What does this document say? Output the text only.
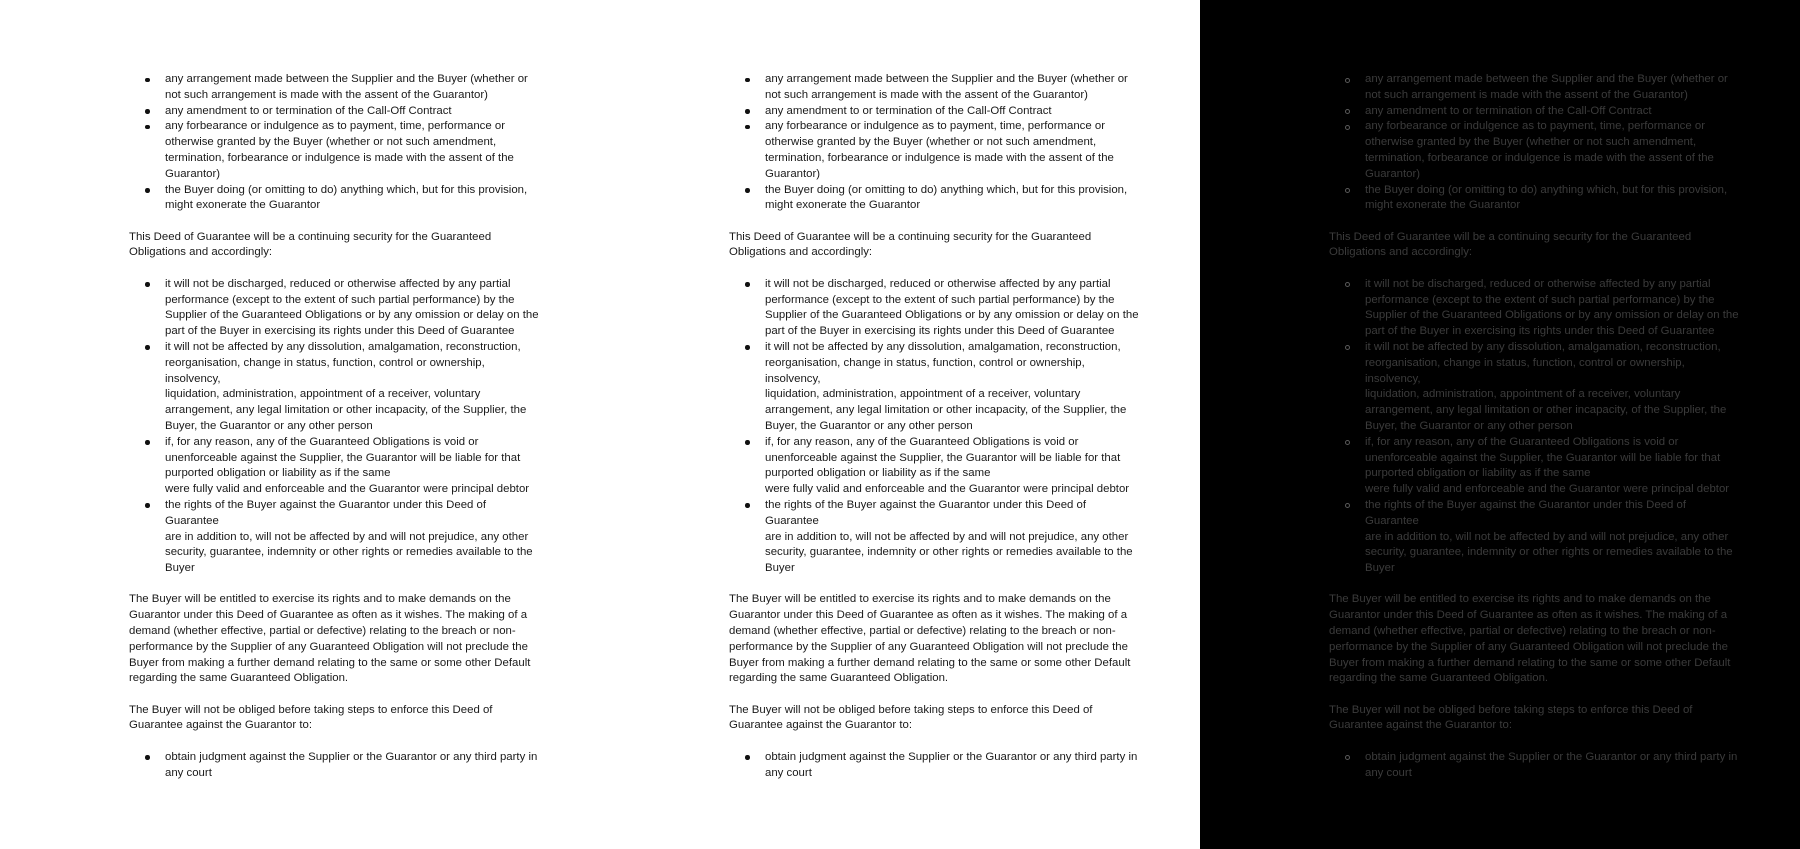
any arrangement made between the Supplier and the Buyer (whether or
not such arrangement is made with the assent of the Guarantor)
any amendment to or termination of the Call-Off Contract
any forbearance or indulgence as to payment, time, performance or
otherwise granted by the Buyer (whether or not such amendment,
termination, forbearance or indulgence is made with the assent of the
Guarantor)
the Buyer doing (or omitting to do) anything which, but for this provision,
might exonerate the Guarantor

This Deed of Guarantee will be a continuing security for the Guaranteed
Obligations and accordingly:

it will not be discharged, reduced or otherwise affected by any partial
performance (except to the extent of such partial performance) by the
Supplier of the Guaranteed Obligations or by any omission or delay on the
part of the Buyer in exercising its rights under this Deed of Guarantee
it will not be affected by any dissolution, amalgamation, reconstruction,
reorganisation, change in status, function, control or ownership, insolvency,
liquidation, administration, appointment of a receiver, voluntary
arrangement, any legal limitation or other incapacity, of the Supplier, the
Buyer, the Guarantor or any other person
if, for any reason, any of the Guaranteed Obligations is void or
unenforceable against the Supplier, the Guarantor will be liable for that
purported obligation or liability as if the same
were fully valid and enforceable and the Guarantor were principal debtor
the rights of the Buyer against the Guarantor under this Deed of Guarantee
are in addition to, will not be affected by and will not prejudice, any other
security, guarantee, indemnity or other rights or remedies available to the
Buyer

The Buyer will be entitled to exercise its rights and to make demands on the
Guarantor under this Deed of Guarantee as often as it wishes. The making of a
demand (whether effective, partial or defective) relating to the breach or non-
performance by the Supplier of any Guaranteed Obligation will not preclude the
Buyer from making a further demand relating to the same or some other Default
regarding the same Guaranteed Obligation.

The Buyer will not be obliged before taking steps to enforce this Deed of
Guarantee against the Guarantor to:

obtain judgment against the Supplier or the Guarantor or any third party in
any court
any arrangement made between the Supplier and the Buyer (whether or
not such arrangement is made with the assent of the Guarantor)
any amendment to or termination of the Call-Off Contract
any forbearance or indulgence as to payment, time, performance or
otherwise granted by the Buyer (whether or not such amendment,
termination, forbearance or indulgence is made with the assent of the
Guarantor)
the Buyer doing (or omitting to do) anything which, but for this provision,
might exonerate the Guarantor

This Deed of Guarantee will be a continuing security for the Guaranteed
Obligations and accordingly:

it will not be discharged, reduced or otherwise affected by any partial
performance (except to the extent of such partial performance) by the
Supplier of the Guaranteed Obligations or by any omission or delay on the
part of the Buyer in exercising its rights under this Deed of Guarantee
it will not be affected by any dissolution, amalgamation, reconstruction,
reorganisation, change in status, function, control or ownership, insolvency,
liquidation, administration, appointment of a receiver, voluntary
arrangement, any legal limitation or other incapacity, of the Supplier, the
Buyer, the Guarantor or any other person
if, for any reason, any of the Guaranteed Obligations is void or
unenforceable against the Supplier, the Guarantor will be liable for that
purported obligation or liability as if the same
were fully valid and enforceable and the Guarantor were principal debtor
the rights of the Buyer against the Guarantor under this Deed of Guarantee
are in addition to, will not be affected by and will not prejudice, any other
security, guarantee, indemnity or other rights or remedies available to the
Buyer

The Buyer will be entitled to exercise its rights and to make demands on the
Guarantor under this Deed of Guarantee as often as it wishes. The making of a
demand (whether effective, partial or defective) relating to the breach or non-
performance by the Supplier of any Guaranteed Obligation will not preclude the
Buyer from making a further demand relating to the same or some other Default
regarding the same Guaranteed Obligation.

The Buyer will not be obliged before taking steps to enforce this Deed of
Guarantee against the Guarantor to:

obtain judgment against the Supplier or the Guarantor or any third party in
any court
any arrangement made between the Supplier and the Buyer (whether or
not such arrangement is made with the assent of the Guarantor)
any amendment to or termination of the Call-Off Contract
any forbearance or indulgence as to payment, time, performance or
otherwise granted by the Buyer (whether or not such amendment,
termination, forbearance or indulgence is made with the assent of the
Guarantor)
the Buyer doing (or omitting to do) anything which, but for this provision,
might exonerate the Guarantor

This Deed of Guarantee will be a continuing security for the Guaranteed
Obligations and accordingly:

it will not be discharged, reduced or otherwise affected by any partial
performance (except to the extent of such partial performance) by the
Supplier of the Guaranteed Obligations or by any omission or delay on the
part of the Buyer in exercising its rights under this Deed of Guarantee
it will not be affected by any dissolution, amalgamation, reconstruction,
reorganisation, change in status, function, control or ownership, insolvency,
liquidation, administration, appointment of a receiver, voluntary
arrangement, any legal limitation or other incapacity, of the Supplier, the
Buyer, the Guarantor or any other person
if, for any reason, any of the Guaranteed Obligations is void or
unenforceable against the Supplier, the Guarantor will be liable for that
purported obligation or liability as if the same
were fully valid and enforceable and the Guarantor were principal debtor
the rights of the Buyer against the Guarantor under this Deed of Guarantee
are in addition to, will not be affected by and will not prejudice, any other
security, guarantee, indemnity or other rights or remedies available to the
Buyer

The Buyer will be entitled to exercise its rights and to make demands on the
Guarantor under this Deed of Guarantee as often as it wishes. The making of a
demand (whether effective, partial or defective) relating to the breach or non-
performance by the Supplier of any Guaranteed Obligation will not preclude the
Buyer from making a further demand relating to the same or some other Default
regarding the same Guaranteed Obligation.

The Buyer will not be obliged before taking steps to enforce this Deed of
Guarantee against the Guarantor to:

obtain judgment against the Supplier or the Guarantor or any third party in
any court
